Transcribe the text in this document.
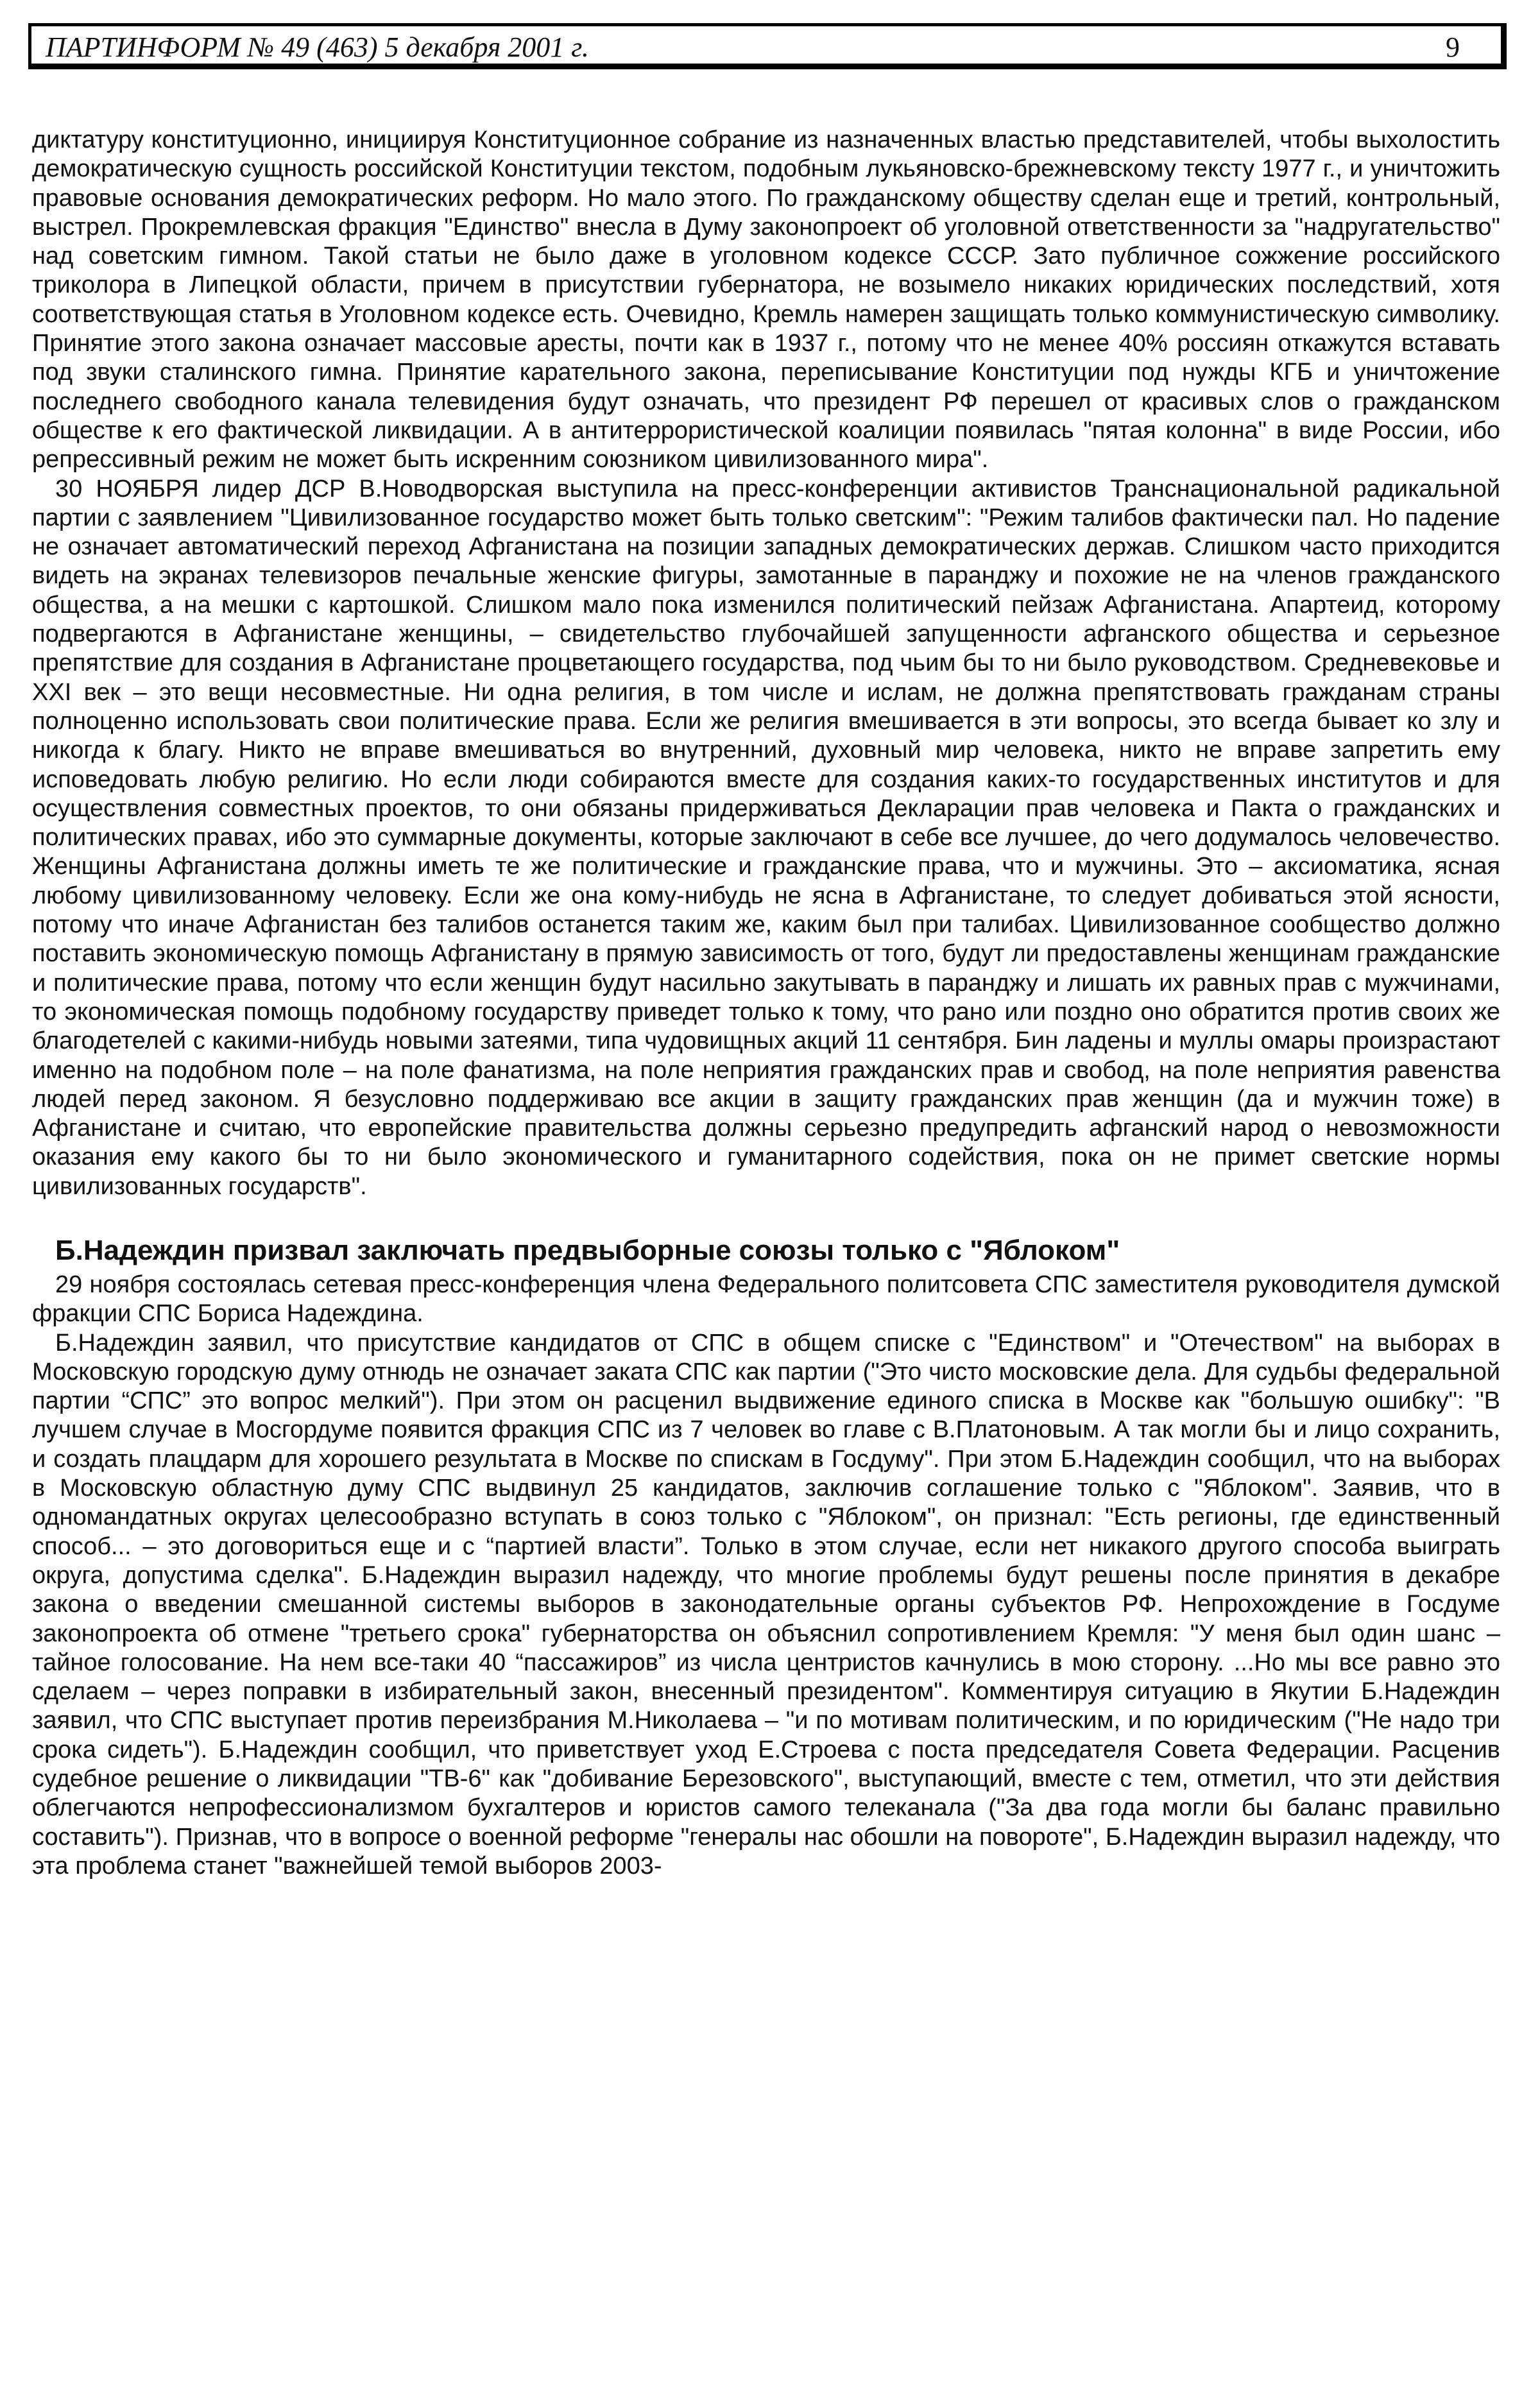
ПАРТИНФОРМ № 49 (463) 5 декабря 2001 г.	9

диктатуру конституционно, инициируя Конституционное собрание из назначенных властью представителей, чтобы выхолостить демократическую сущность российской Конституции текстом, подобным лукьяновско-брежневскому тексту 1977 г., и уничтожить правовые основания демократических реформ. Но мало этого. По гражданскому обществу сделан еще и третий, контрольный, выстрел. Прокремлевская фракция "Единство" внесла в Думу законопроект об уголовной ответственности за "надругательство" над советским гимном. Такой статьи не было даже в уголовном кодексе СССР. Зато публичное сожжение российского триколора в Липецкой области, причем в присутствии губернатора, не возымело никаких юридических последствий, хотя соответствующая статья в Уголовном кодексе есть. Очевидно, Кремль намерен защищать только коммунистическую символику. Принятие этого закона означает массовые аресты, почти как в 1937 г., потому что не менее 40% россиян откажутся вставать под звуки сталинского гимна. Принятие карательного закона, переписывание Конституции под нужды КГБ и уничтожение последнего свободного канала телевидения будут означать, что президент РФ перешел от красивых слов о гражданском обществе к его фактической ликвидации. А в антитеррористической коалиции появилась "пятая колонна" в виде России, ибо репрессивный режим не может быть искренним союзником цивилизованного мира".

30 НОЯБРЯ лидер ДСР В.Новодворская выступила на пресс-конференции активистов Транснациональной радикальной партии с заявлением "Цивилизованное государство может быть только светским": "Режим талибов фактически пал. Но падение не означает автоматический переход Афганистана на позиции западных демократических держав. Слишком часто приходится видеть на экранах телевизоров печальные женские фигуры, замотанные в паранджу и похожие не на членов гражданского общества, а на мешки с картошкой. Слишком мало пока изменился политический пейзаж Афганистана. Апартеид, которому подвергаются в Афганистане женщины, – свидетельство глубочайшей запущенности афганского общества и серьезное препятствие для создания в Афганистане процветающего государства, под чьим бы то ни было руководством. Средневековье и XXI век – это вещи несовместные. Ни одна религия, в том числе и ислам, не должна препятствовать гражданам страны полноценно использовать свои политические права. Если же религия вмешивается в эти вопросы, это всегда бывает ко злу и никогда к благу. Никто не вправе вмешиваться во внутренний, духовный мир человека, никто не вправе запретить ему исповедовать любую религию. Но если люди собираются вместе для создания каких-то государственных институтов и для осуществления совместных проектов, то они обязаны придерживаться Декларации прав человека и Пакта о гражданских и политических правах, ибо это суммарные документы, которые заключают в себе все лучшее, до чего додумалось человечество. Женщины Афганистана должны иметь те же политические и гражданские права, что и мужчины. Это – аксиоматика, ясная любому цивилизованному человеку. Если же она кому-нибудь не ясна в Афганистане, то следует добиваться этой ясности, потому что иначе Афганистан без талибов останется таким же, каким был при талибах. Цивилизованное сообщество должно поставить экономическую помощь Афганистану в прямую зависимость от того, будут ли предоставлены женщинам гражданские и политические права, потому что если женщин будут насильно закутывать в паранджу и лишать их равных прав с мужчинами, то экономическая помощь подобному государству приведет только к тому, что рано или поздно оно обратится против своих же благодетелей с какими-нибудь новыми затеями, типа чудовищных акций 11 сентября. Бин ладены и муллы омары произрастают именно на подобном поле – на поле фанатизма, на поле неприятия гражданских прав и свобод, на поле неприятия равенства людей перед законом. Я безусловно поддерживаю все акции в защиту гражданских прав женщин (да и мужчин тоже) в Афганистане и считаю, что европейские правительства должны серьезно предупредить афганский народ о невозможности оказания ему какого бы то ни было экономического и гуманитарного содействия, пока он не примет светские нормы цивилизованных государств".

Б.Надеждин призвал заключать предвыборные союзы только с "Яблоком"

29 ноября состоялась сетевая пресс-конференция члена Федерального политсовета СПС заместителя руководителя думской фракции СПС Бориса Надеждина.

Б.Надеждин заявил, что присутствие кандидатов от СПС в общем списке с "Единством" и "Отечеством" на выборах в Московскую городскую думу отнюдь не означает заката СПС как партии ("Это чисто московские дела. Для судьбы федеральной партии “СПС” это вопрос мелкий"). При этом он расценил выдвижение единого списка в Москве как "большую ошибку": "В лучшем случае в Мосгордуме появится фракция СПС из 7 человек во главе с В.Платоновым. А так могли бы и лицо сохранить, и создать плацдарм для хорошего результата в Москве по спискам в Госдуму". При этом Б.Надеждин сообщил, что на выборах в Московскую областную думу СПС выдвинул 25 кандидатов, заключив соглашение только с "Яблоком". Заявив, что в одномандатных округах целесообразно вступать в союз только с "Яблоком", он признал: "Есть регионы, где единственный способ... – это договориться еще и с “партией власти”. Только в этом случае, если нет никакого другого способа выиграть округа, допустима сделка". Б.Надеждин выразил надежду, что многие проблемы будут решены после принятия в декабре закона о введении смешанной системы выборов в законодательные органы субъектов РФ. Непрохождение в Госдуме законопроекта об отмене "третьего срока" губернаторства он объяснил сопротивлением Кремля: "У меня был один шанс – тайное голосование. На нем все-таки 40 “пассажиров” из числа центристов качнулись в мою сторону. ...Но мы все равно это сделаем – через поправки в избирательный закон, внесенный президентом". Комментируя ситуацию в Якутии Б.Надеждин заявил, что СПС выступает против переизбрания М.Николаева – "и по мотивам политическим, и по юридическим ("Не надо три срока сидеть"). Б.Надеждин сообщил, что приветствует уход Е.Строева с поста председателя Совета Федерации. Расценив судебное решение о ликвидации "ТВ-6" как "добивание Березовского", выступающий, вместе с тем, отметил, что эти действия облегчаются непрофессионализмом бухгалтеров и юристов самого телеканала ("За два года могли бы баланс правильно составить"). Признав, что в вопросе о военной реформе "генералы нас обошли на повороте", Б.Надеждин выразил надежду, что эта проблема станет "важнейшей темой выборов 2003-
